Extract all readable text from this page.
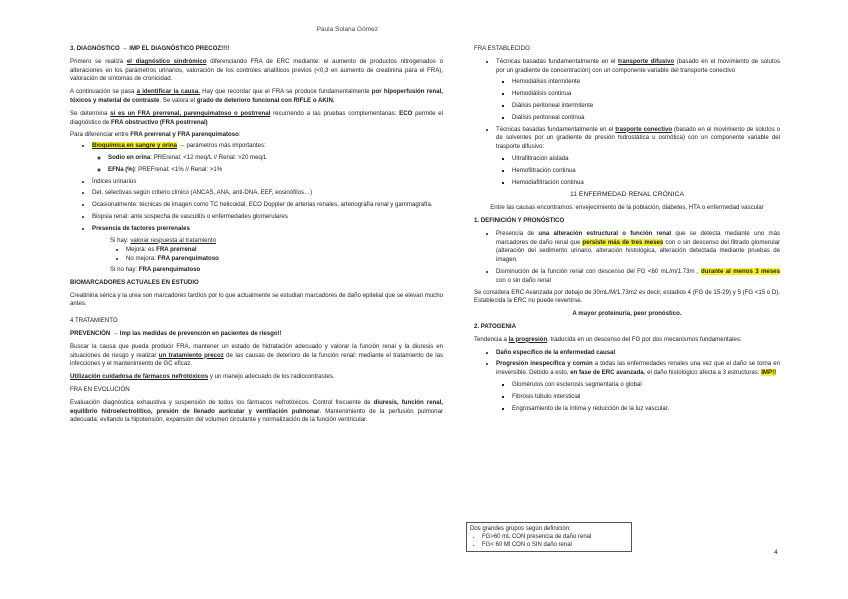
Paula Solana Gómez
3. DIAGNÓSTICO → IMP EL DIAGNÓSTICO PRECOZ!!!!

Primero se realiza el diagnóstico sindrómico diferenciando FRA de ERC mediante: el aumento de productos nitrogenados o alteraciones en los parámetros urinarios, valoración de los controles analíticos previos (<0,3 en aumento de creatinina para el FRA), valoración de síntomas de cronicidad.

A continuación se pasa a identificar la causa. Hay que recordar que el FRA se produce fundamentalmente por hipoperfusión renal, tóxicos y material de contraste. Se valora el grado de deterioro funcional con RIFLE o AKIN.

Se determina si es un FRA prerrenal, parenquimatoso o postrrenal recurriendo a las pruebas complementarias: ECO permite el diagnóstico de FRA obstructivo (FRA postrrenal)

Para diferenciar entre FRA prerrenal y FRA parenquimatoso:

• Bioquímica en sangre y orina → parámetros más importantes:
◦ Sodio en orina: PRErenal: <12 meq/L // Renal: >20 meq/L
◦ EFNa (%): PREFrenal: <1% // Renal: >1%
• Índices urinarios
• Det. selectivas según criterio clínico (ANCAS, ANA, anti-DNA, EEF, eosinófilos…)
• Ocasionalmente: técnicas de imagen como TC helicoidal, ECO Doppler de arterias renales, arteriografía renal y gammagrafía.
• Biopsia renal: ante sospecha de vasculitis o enfermedades glomerulares
• Presencia de factores prerrenales

Si hay: valorar respuesta al tratamiento

• Mejora: es FRA prerrenal
• No mejora: FRA parenquimatoso

Si no hay: FRA parenquimatoso

BIOMARCADORES ACTUALES EN ESTUDIO

Creatinina sérica y la urea son marcadores tardíos por lo que actualmente se estudian marcadores de daño epitelial que se elevan mucho antes.

4 TRATAMIENTO
PREVENCIÓN → Imp las medidas de prevención en pacientes de riesgo!!

Buscar la causa que pueda producir FRA, mantener un estado de hidratación adecuado y valorar la función renal y la diuresis en situaciones de riesgo y realizar un tratamiento precoz de las causas de deterioro de la función renal: mediante el tratamiento de las infecciones y el mantenimiento de GC eficaz.

Utilización cuidadosa de fármacos nefrotóxicos y un manejo adecuado de los radiocontrastes.

FRA EN EVOLUCIÓN

Evaluación diagnóstica exhaustiva y suspensión de todos los fármacos nefrotóxicos. Control frecuente de diuresis, función renal, equilibrio hidroelectrolítico, presión de llenado auricular y ventilación pulmonar. Mantenimiento de la perfusión pulmonar adecuada: evitando la hipotensión, expansión del volumen circulante y normalización de la función ventricular.

FRA ESTABLECIDO
• Técnicas basadas fundamentalmente en el transporte difusivo (basado en el movimiento de solutos por un gradiente de concentración) con un componente variable del transporte conectivo
▪ Hemodiálisis intermitente
▪ Hemodiálisis continua
▪ Diálisis peritoneal intermitente
▪ Diálisis peritoneal continua
• Técnicas basadas fundamentalmente en el trasporte conectivo (basado en el movimiento de solutos o de solventes por un gradiente de presión hidrostática u osmótica) con un componente variable del trasporte difusivo:
▪ Ultrafiltración aislada
▪ Hemofiltración continua
▪ Hemodiafiltración continua
11 ENFERMEDAD RENAL CRÓNICA

Entre las causas encontramos: envejecimiento de la población, diabetes, HTA o enfermedad vascular

1. DEFINICIÓN Y PRONÓSTICO
• Presencia de una alteración estructural o función renal que se detecta mediante uno más marcadores de daño renal que persiste más de tres meses con o sin descenso del filtrado glomerular (alteración del sedimento urinario, alteración histológica, alteración detectada mediante pruebas de imagen.
• Disminución de la función renal con descenso del FG <60 mL/m/1.73m , durante al menos 3 meses con o sin daño renal

Se considera ERC Avanzada por debajo de 30mL/M/1.73m2 es decir, estadios 4 (FG de 15-29) y 5 (FG <15 o D). Establecida la ERC no puede revertirse.

A mayor proteinuria, peor pronóstico.

2. PATOGENIA

Tendencia a la progresión, traducida en un descenso del FG por dos mecanismos fundamentales:

• Daño específico de la enfermedad causal
• Progresión inespecífica y común a todas las enfermedades renales una vez que el daño se torna en irreversible. Debido a esto, en fase de ERC avanzada, el daño histológico afecta a 3 estructuras: IMP!!
▪ Glomérulos con esclerosis segmentaria o global
▪ Fibrosis túbulo intersticial
▪ Engrosamiento de la íntima y reducción de la luz vascular.
Dos grandes grupos según definición:
• FG>60 mL CON presencia de daño renal
• FG< 60 Ml CON o SIN daño renal
4
